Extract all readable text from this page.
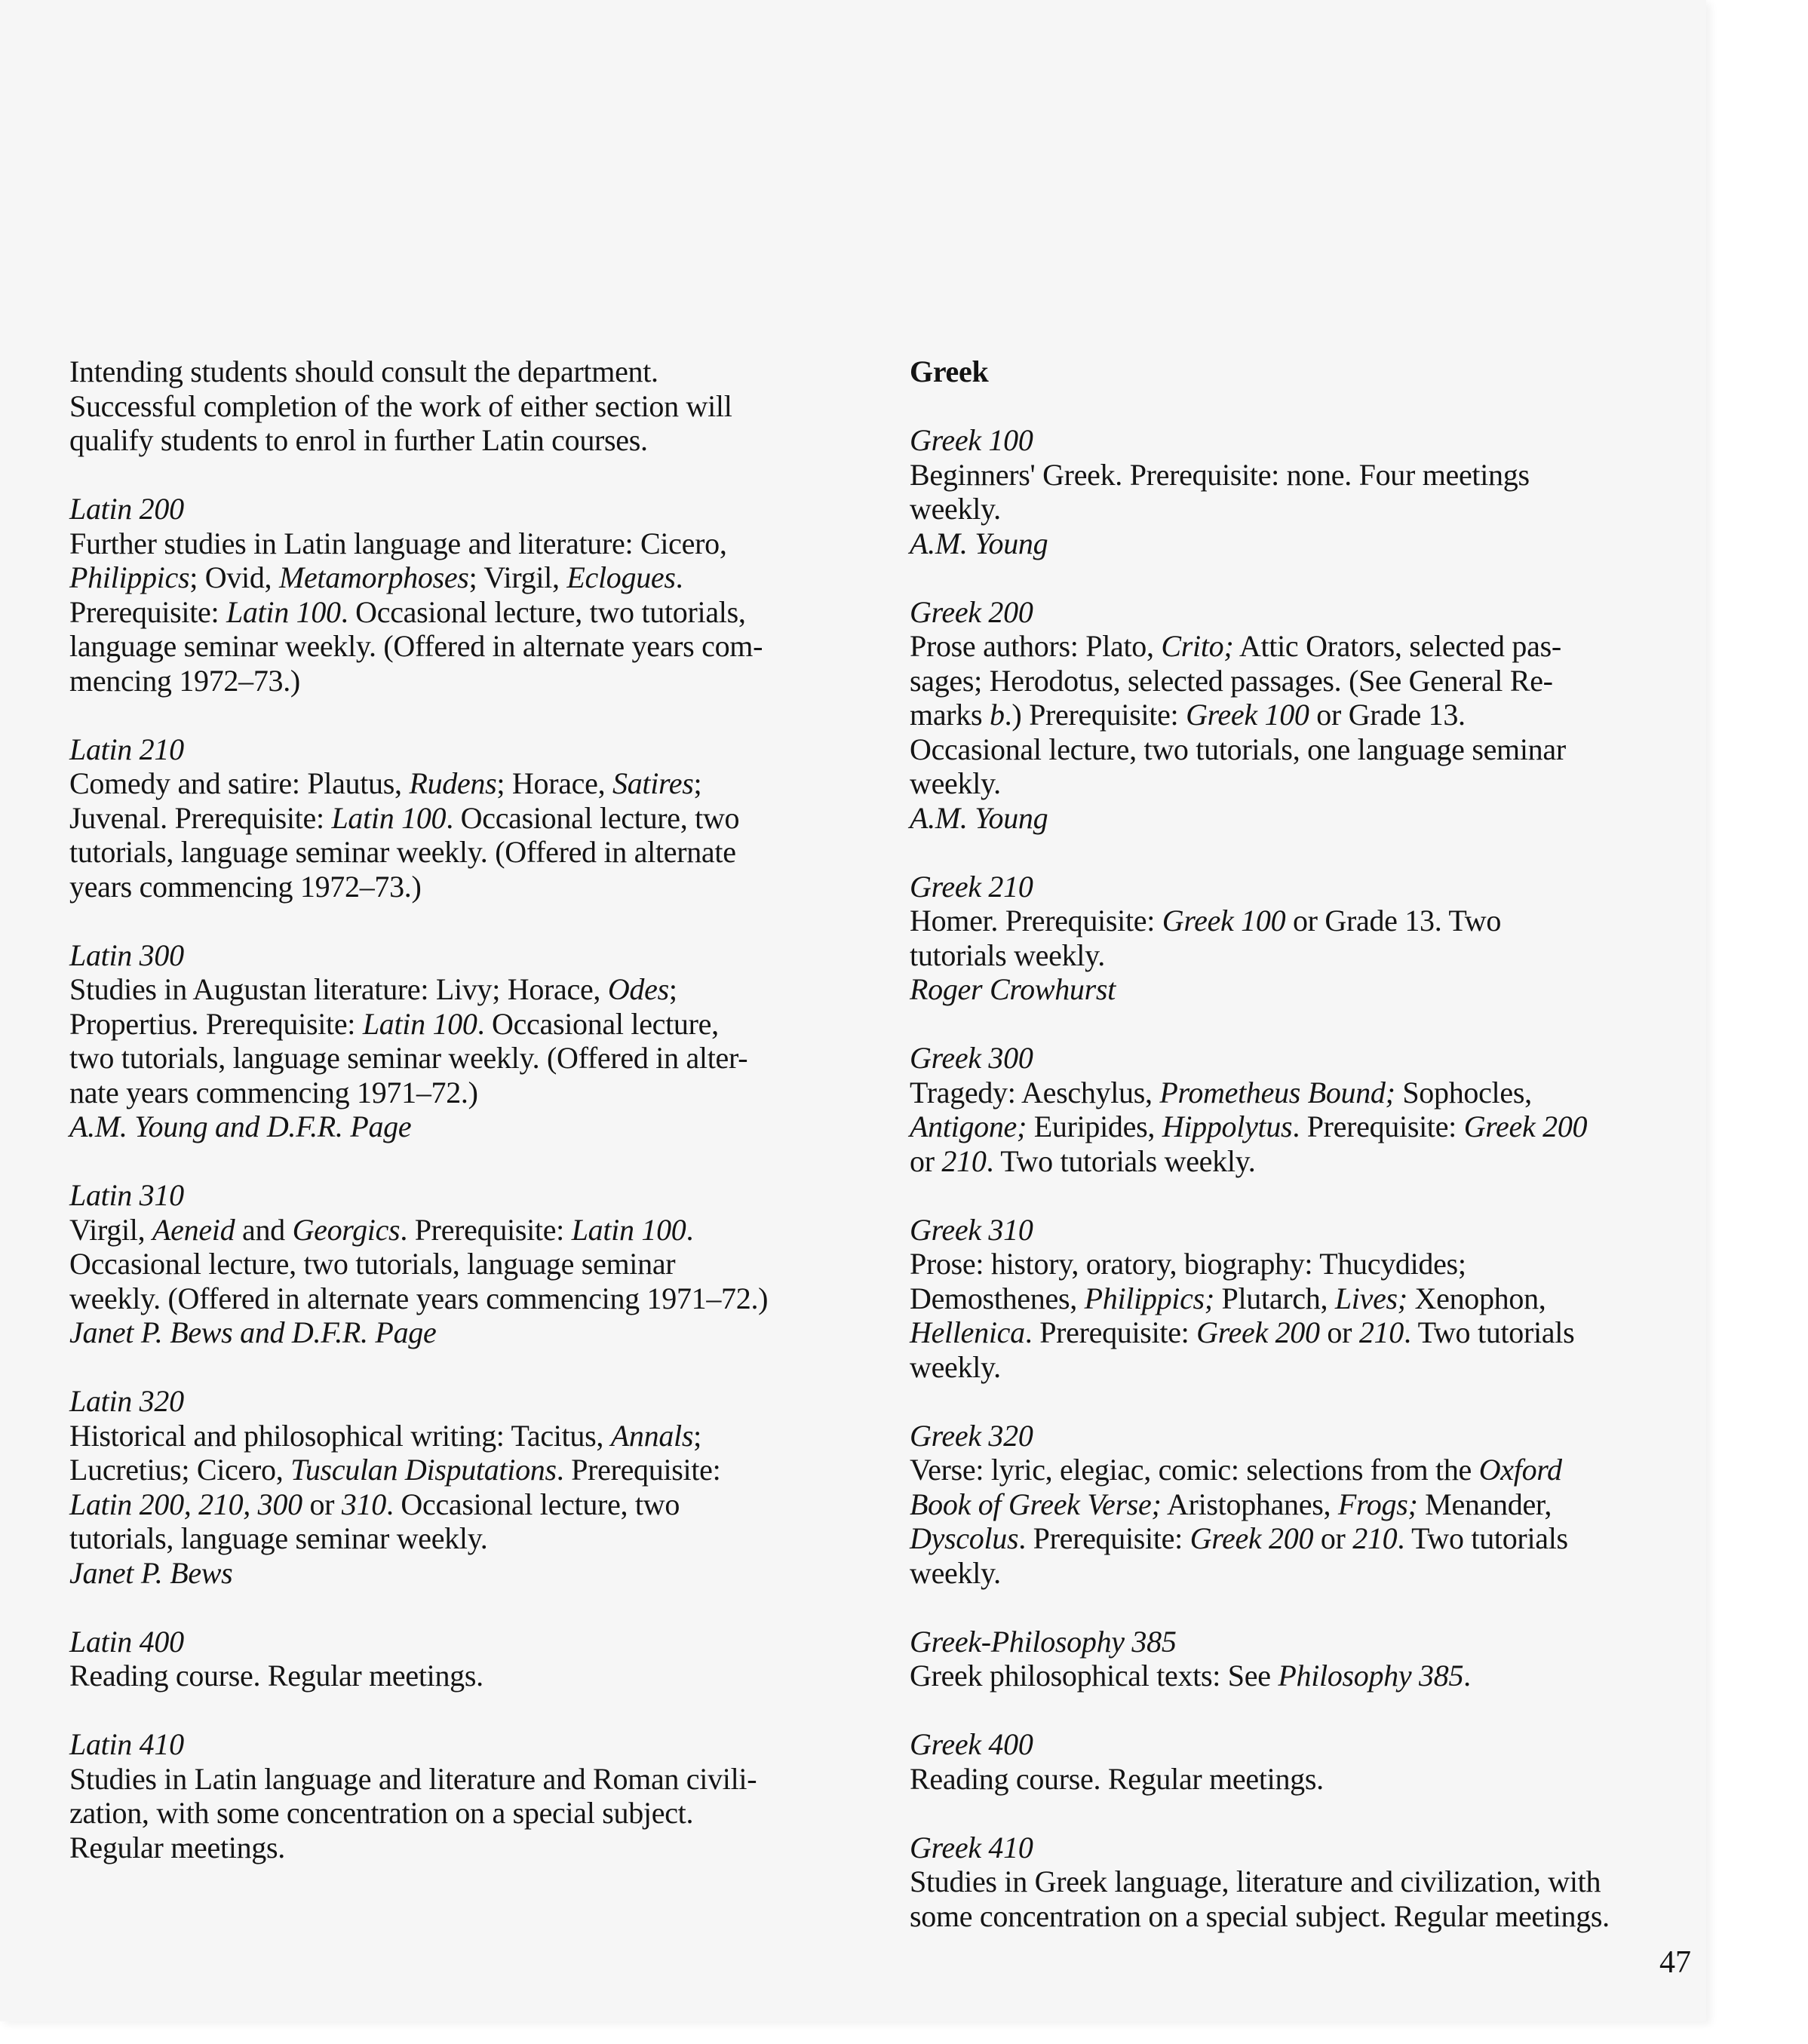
Intending students should consult the department.
Successful completion of the work of either section will
qualify students to enrol in further Latin courses.
Latin 200
Further studies in Latin language and literature: Cicero,
Philippics; Ovid, Metamorphoses; Virgil, Eclogues.
Prerequisite: Latin 100. Occasional lecture, two tutorials,
language seminar weekly. (Offered in alternate years com-
mencing 1972–73.)
Latin 210
Comedy and satire: Plautus, Rudens; Horace, Satires;
Juvenal. Prerequisite: Latin 100. Occasional lecture, two
tutorials, language seminar weekly. (Offered in alternate
years commencing 1972–73.)
Latin 300
Studies in Augustan literature: Livy; Horace, Odes;
Propertius. Prerequisite: Latin 100. Occasional lecture,
two tutorials, language seminar weekly. (Offered in alter-
nate years commencing 1971–72.)
A.M. Young and D.F.R. Page
Latin 310
Virgil, Aeneid and Georgics. Prerequisite: Latin 100.
Occasional lecture, two tutorials, language seminar
weekly. (Offered in alternate years commencing 1971–72.)
Janet P. Bews and D.F.R. Page
Latin 320
Historical and philosophical writing: Tacitus, Annals;
Lucretius; Cicero, Tusculan Disputations. Prerequisite:
Latin 200, 210, 300 or 310. Occasional lecture, two
tutorials, language seminar weekly.
Janet P. Bews
Latin 400
Reading course. Regular meetings.
Latin 410
Studies in Latin language and literature and Roman civili-
zation, with some concentration on a special subject.
Regular meetings.
Greek
Greek 100
Beginners' Greek. Prerequisite: none. Four meetings
weekly.
A.M. Young
Greek 200
Prose authors: Plato, Crito; Attic Orators, selected pas-
sages; Herodotus, selected passages. (See General Re-
marks b.) Prerequisite: Greek 100 or Grade 13.
Occasional lecture, two tutorials, one language seminar
weekly.
A.M. Young
Greek 210
Homer. Prerequisite: Greek 100 or Grade 13. Two
tutorials weekly.
Roger Crowhurst
Greek 300
Tragedy: Aeschylus, Prometheus Bound; Sophocles,
Antigone; Euripides, Hippolytus. Prerequisite: Greek 200
or 210. Two tutorials weekly.
Greek 310
Prose: history, oratory, biography: Thucydides;
Demosthenes, Philippics; Plutarch, Lives; Xenophon,
Hellenica. Prerequisite: Greek 200 or 210. Two tutorials
weekly.
Greek 320
Verse: lyric, elegiac, comic: selections from the Oxford
Book of Greek Verse; Aristophanes, Frogs; Menander,
Dyscolus. Prerequisite: Greek 200 or 210. Two tutorials
weekly.
Greek-Philosophy 385
Greek philosophical texts: See Philosophy 385.
Greek 400
Reading course. Regular meetings.
Greek 410
Studies in Greek language, literature and civilization, with
some concentration on a special subject. Regular meetings.
47
